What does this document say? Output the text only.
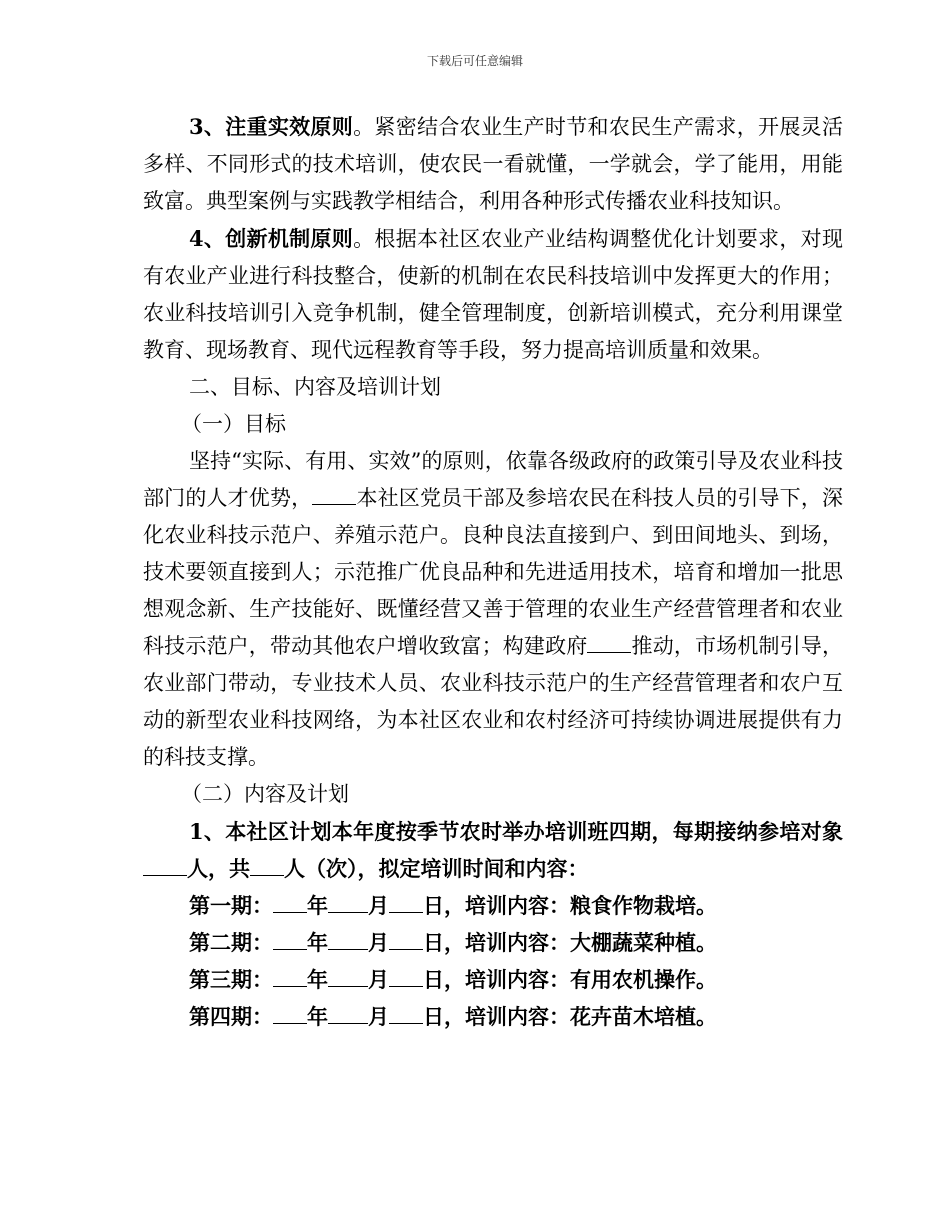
下载后可任意编辑

3、注重实效原则。紧密结合农业生产时节和农民生产需求，开展灵活多样、不同形式的技术培训，使农民一看就懂，一学就会，学了能用，用能致富。典型案例与实践教学相结合，利用各种形式传播农业科技知识。

4、创新机制原则。根据本社区农业产业结构调整优化计划要求，对现有农业产业进行科技整合，使新的机制在农民科技培训中发挥更大的作用；农业科技培训引入竞争机制，健全管理制度，创新培训模式，充分利用课堂教育、现场教育、现代远程教育等手段，努力提高培训质量和效果。

二、目标、内容及培训计划

（一）目标

坚持“实际、有用、实效”的原则，依靠各级政府的政策引导及农业科技部门的人才优势， 本社区党员干部及参培农民在科技人员的引导下，深化农业科技示范户、养殖示范户。良种良法直接到户、到田间地头、到场，技术要领直接到人；示范推广优良品种和先进适用技术，培育和增加一批思想观念新、生产技能好、既懂经营又善于管理的农业生产经营管理者和农业科技示范户，带动其他农户增收致富；构建政府 推动，市场机制引导，农业部门带动，专业技术人员、农业科技示范户的生产经营管理者和农户互动的新型农业科技网络，为本社区农业和农村经济可持续协调进展提供有力的科技支撑。

（二）内容及计划

1、本社区计划本年度按季节农时举办培训班四期，每期接纳参培对象人，共 人（次），拟定培训时间和内容：

第一期： 年 月 日，培训内容：粮食作物栽培。

第二期： 年 月 日，培训内容：大棚蔬菜种植。

第三期： 年 月 日，培训内容：有用农机操作。

第四期： 年 月 日，培训内容：花卉苗木培植。
